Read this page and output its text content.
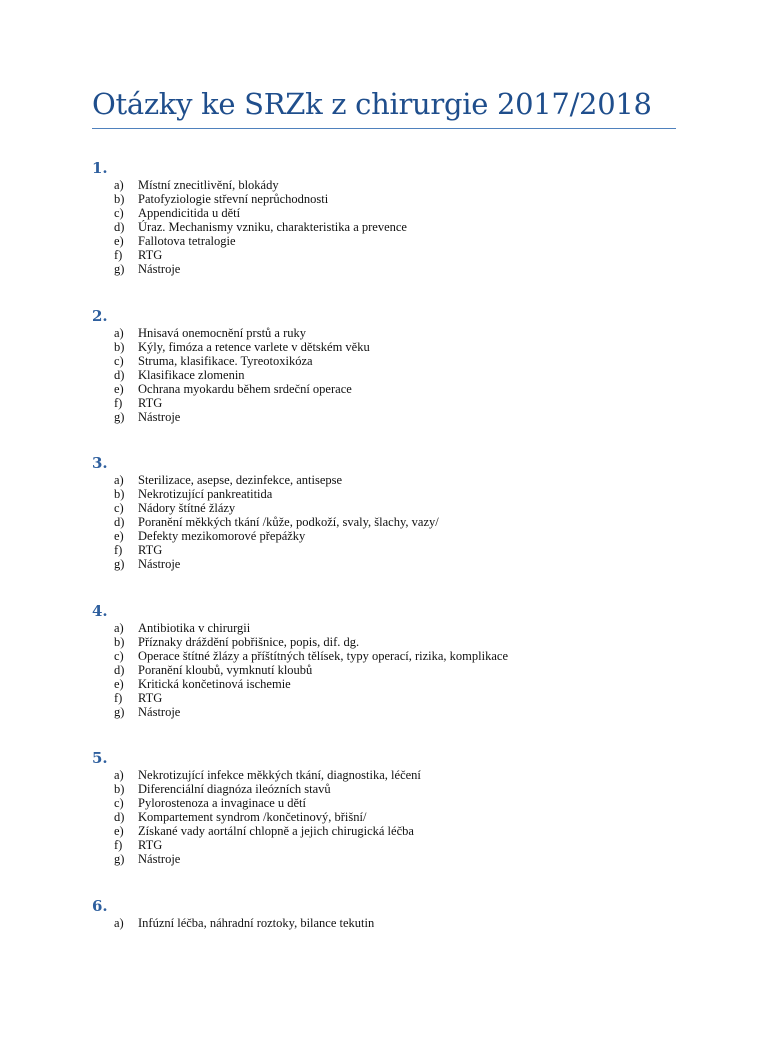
Otázky ke SRZk z chirurgie 2017/2018
1.
a) Místní znecitlivění, blokády
b) Patofyziologie střevní neprůchodnosti
c) Appendicitida u dětí
d) Úraz. Mechanismy vzniku, charakteristika a prevence
e) Fallotova tetralogie
f) RTG
g) Nástroje
2.
a) Hnisavá onemocnění prstů a ruky
b) Kýly, fimóza a retence varlete v dětském věku
c) Struma, klasifikace. Tyreotoxikóza
d) Klasifikace zlomenin
e) Ochrana myokardu během srdeční operace
f) RTG
g) Nástroje
3.
a) Sterilizace, asepse, dezinfekce, antisepse
b) Nekrotizující pankreatitida
c) Nádory štítné žlázy
d) Poranění měkkých tkání /kůže, podkoží, svaly, šlachy, vazy/
e) Defekty mezikomorové přepážky
f) RTG
g) Nástroje
4.
a) Antibiotika v chirurgii
b) Příznaky dráždění pobřišnice, popis, dif. dg.
c) Operace štítné žlázy a příštítných tělísek, typy operací, rizika, komplikace
d) Poranění kloubů, vymknutí kloubů
e) Kritická končetinová ischemie
f) RTG
g) Nástroje
5.
a) Nekrotizující infekce měkkých tkání, diagnostika, léčení
b) Diferenciální diagnóza ileózních stavů
c) Pylorostenoza a invaginace u dětí
d) Kompartement syndrom /končetinový, břišní/
e) Získané vady aortální chlopně a jejich chirugická léčba
f) RTG
g) Nástroje
6.
a) Infúzní léčba, náhradní roztoky, bilance tekutin
